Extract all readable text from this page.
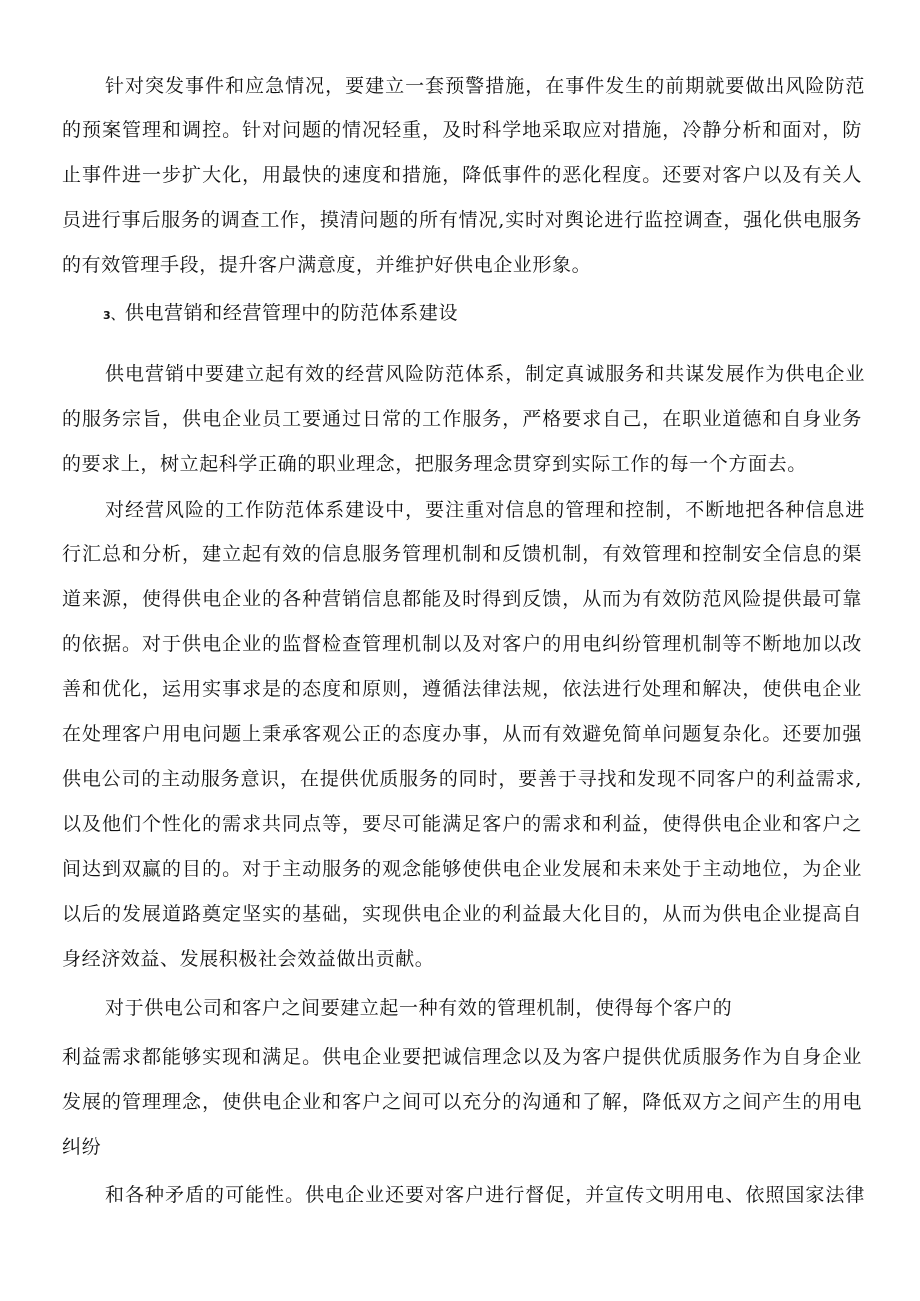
针对突发事件和应急情况，要建立一套预警措施，在事件发生的前期就要做出风险防范
的预案管理和调控。针对问题的情况轻重，及时科学地采取应对措施，冷静分析和面对，防
止事件进一步扩大化，用最快的速度和措施，降低事件的恶化程度。还要对客户以及有关人
员进行事后服务的调查工作，摸清问题的所有情况,实时对舆论进行监控调查，强化供电服务
的有效管理手段，提升客户满意度，并维护好供电企业形象。
3、 供电营销和经营管理中的防范体系建设
供电营销中要建立起有效的经营风险防范体系，制定真诚服务和共谋发展作为供电企业
的服务宗旨，供电企业员工要通过日常的工作服务，严格要求自己，在职业道德和自身业务
的要求上，树立起科学正确的职业理念，把服务理念贯穿到实际工作的每一个方面去。
对经营风险的工作防范体系建设中，要注重对信息的管理和控制，不断地把各种信息进
行汇总和分析，建立起有效的信息服务管理机制和反馈机制，有效管理和控制安全信息的渠
道来源，使得供电企业的各种营销信息都能及时得到反馈，从而为有效防范风险提供最可靠
的依据。对于供电企业的监督检查管理机制以及对客户的用电纠纷管理机制等不断地加以改
善和优化，运用实事求是的态度和原则，遵循法律法规，依法进行处理和解决，使供电企业
在处理客户用电问题上秉承客观公正的态度办事，从而有效避免简单问题复杂化。还要加强
供电公司的主动服务意识，在提供优质服务的同时，要善于寻找和发现不同客户的利益需求,
以及他们个性化的需求共同点等，要尽可能满足客户的需求和利益，使得供电企业和客户之
间达到双赢的目的。对于主动服务的观念能够使供电企业发展和未来处于主动地位，为企业
以后的发展道路奠定坚实的基础，实现供电企业的利益最大化目的，从而为供电企业提高自
身经济效益、发展积极社会效益做出贡献。
对于供电公司和客户之间要建立起一种有效的管理机制，使得每个客户的
利益需求都能够实现和满足。供电企业要把诚信理念以及为客户提供优质服务作为自身企业
发展的管理理念，使供电企业和客户之间可以充分的沟通和了解，降低双方之间产生的用电
纠纷
和各种矛盾的可能性。供电企业还要对客户进行督促，并宣传文明用电、依照国家法律
